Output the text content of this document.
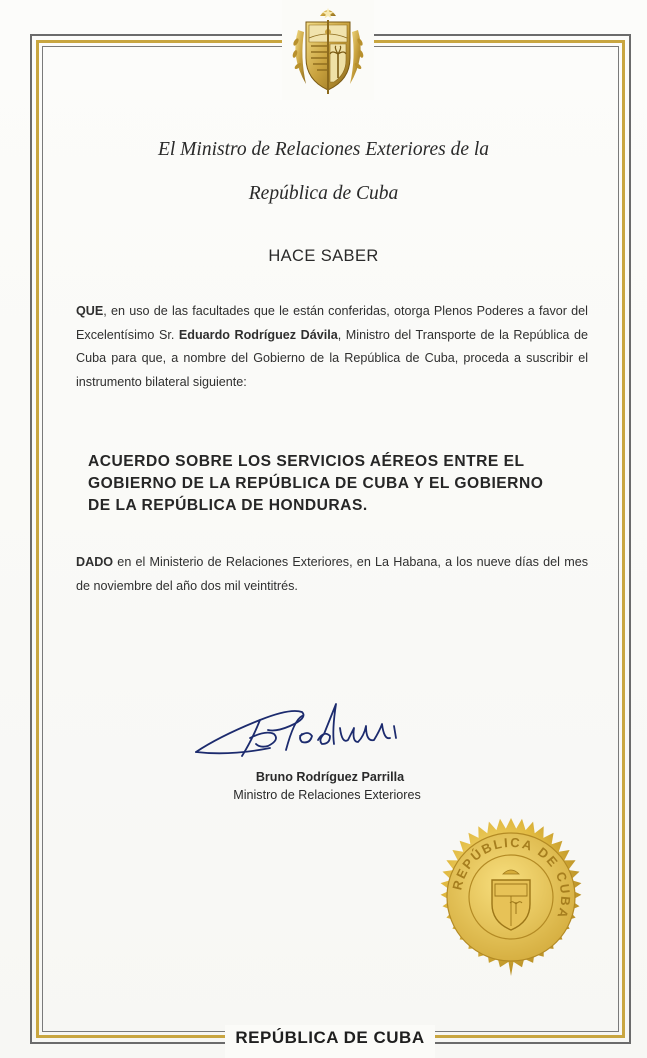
El Ministro de Relaciones Exteriores de la
República de Cuba
HACE SABER
QUE, en uso de las facultades que le están conferidas, otorga Plenos Poderes a favor del Excelentísimo Sr. Eduardo Rodríguez Dávila, Ministro del Transporte de la República de Cuba para que, a nombre del Gobierno de la República de Cuba, proceda a suscribir el instrumento bilateral siguiente:
ACUERDO SOBRE LOS SERVICIOS AÉREOS ENTRE EL GOBIERNO DE LA REPÚBLICA DE CUBA Y EL GOBIERNO DE LA REPÚBLICA DE HONDURAS.
DADO en el Ministerio de Relaciones Exteriores, en La Habana, a los nueve días del mes de noviembre del año dos mil veintitrés.
Bruno Rodríguez Parrilla
Ministro de Relaciones Exteriores
REPÚBLICA DE CUBA
REPÚBLICA DE CUBA
